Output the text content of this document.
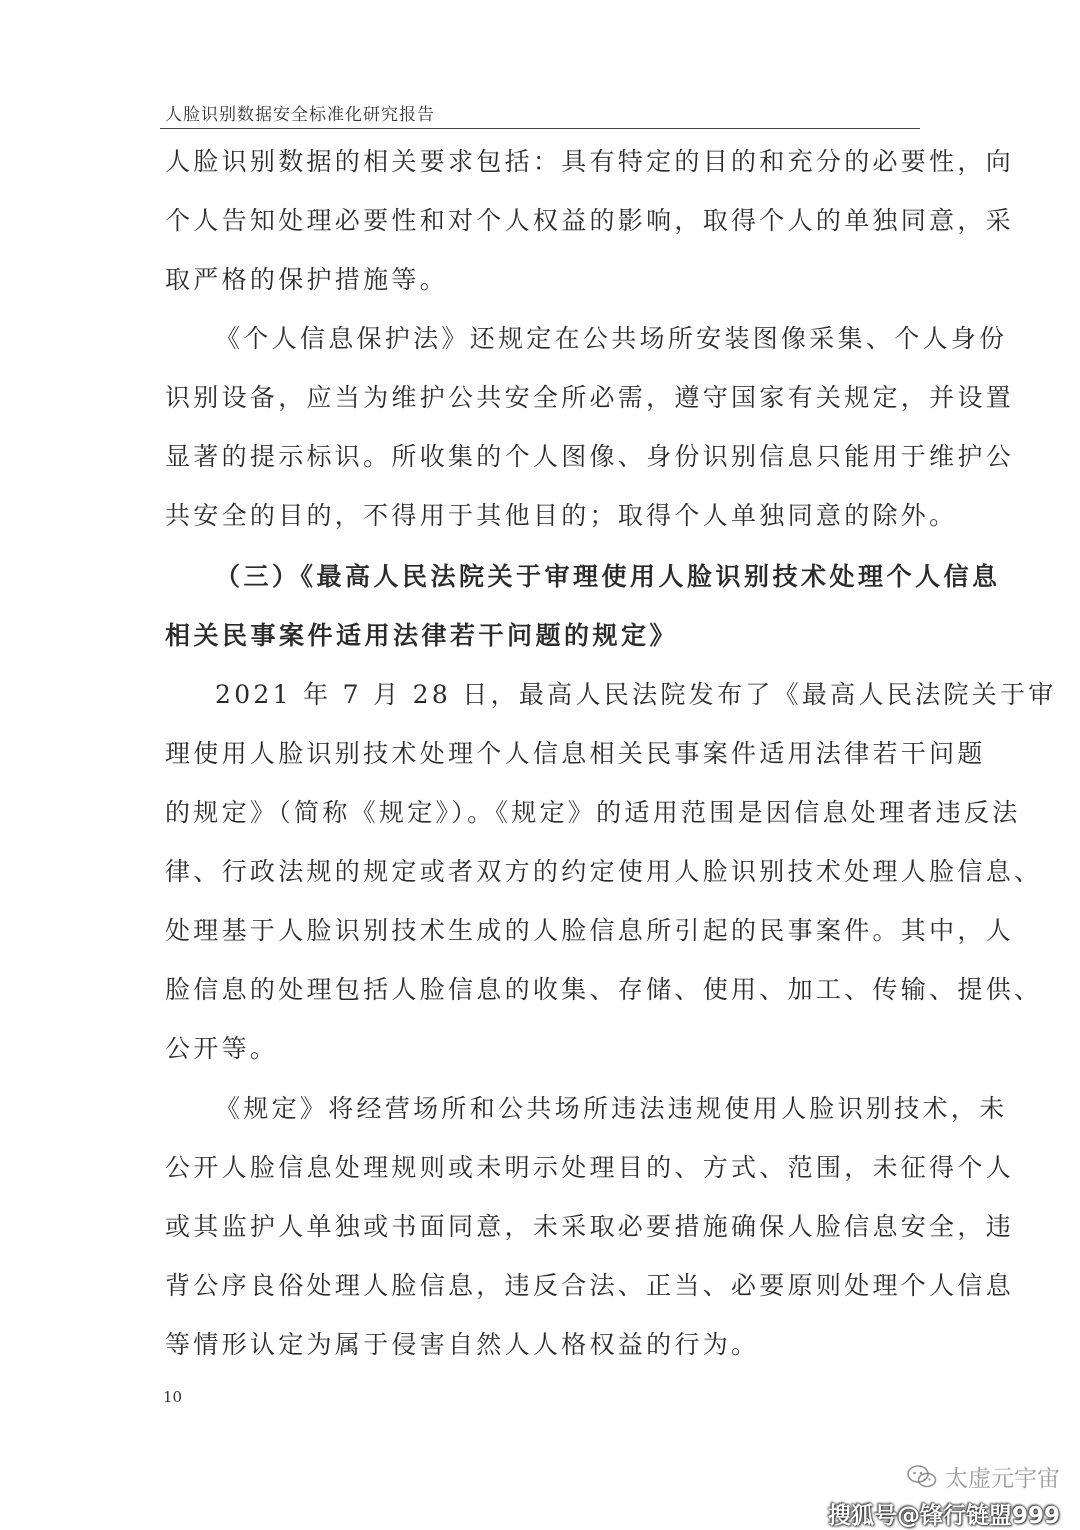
人脸识别数据安全标准化研究报告
人脸识别数据的相关要求包括：具有特定的目的和充分的必要性，向
个人告知处理必要性和对个人权益的影响，取得个人的单独同意，采
取严格的保护措施等。
《个人信息保护法》还规定在公共场所安装图像采集、个人身份
识别设备，应当为维护公共安全所必需，遵守国家有关规定，并设置
显著的提示标识。所收集的个人图像、身份识别信息只能用于维护公
共安全的目的，不得用于其他目的；取得个人单独同意的除外。
（三）《最高人民法院关于审理使用人脸识别技术处理个人信息
相关民事案件适用法律若干问题的规定》
2021 年 7 月 28 日，最高人民法院发布了《最高人民法院关于审
理使用人脸识别技术处理个人信息相关民事案件适用法律若干问题
的规定》（简称《规定》）。《规定》的适用范围是因信息处理者违反法
律、行政法规的规定或者双方的约定使用人脸识别技术处理人脸信息、
处理基于人脸识别技术生成的人脸信息所引起的民事案件。其中，人
脸信息的处理包括人脸信息的收集、存储、使用、加工、传输、提供、
公开等。
《规定》将经营场所和公共场所违法违规使用人脸识别技术，未
公开人脸信息处理规则或未明示处理目的、方式、范围，未征得个人
或其监护人单独或书面同意，未采取必要措施确保人脸信息安全，违
背公序良俗处理人脸信息，违反合法、正当、必要原则处理个人信息
等情形认定为属于侵害自然人人格权益的行为。
10
太虚元宇宙
搜狐号@锋行链盟999
